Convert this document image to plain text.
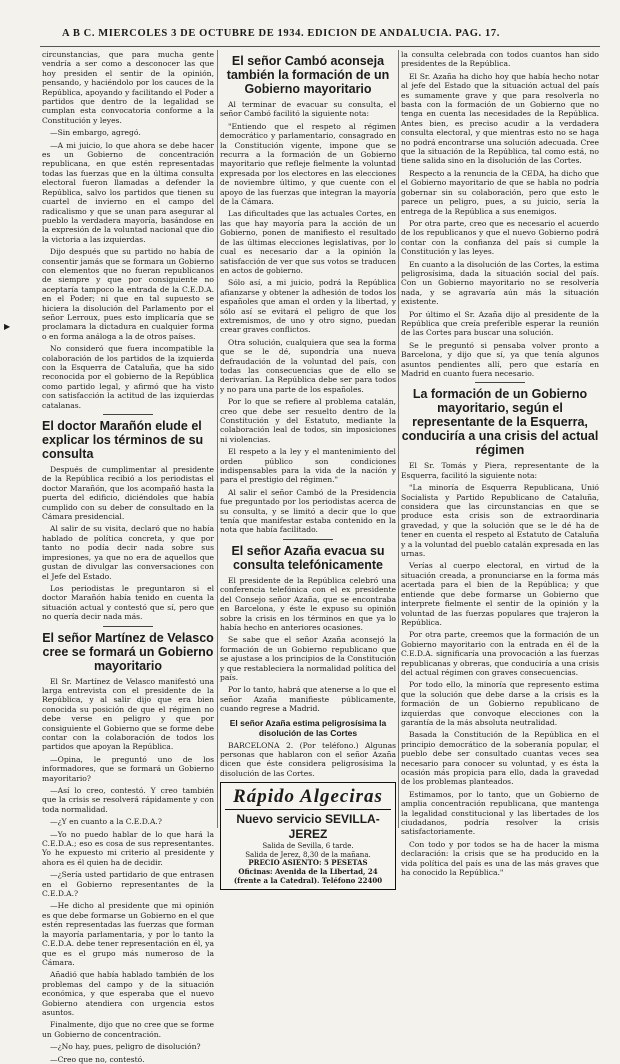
A B C. MIERCOLES 3 DE OCTUBRE DE 1934. EDICION DE ANDALUCIA. PAG. 17.
▶

circunstancias, que para mucha gente vendría a ser como a desconocer las que hoy presiden el sentir de la opinión, pensando, y haciéndolo por los cauces de la República, apoyando y facilitando el Poder a partidos que dentro de la legalidad se cumplan esta convocatoria conforme a la Constitución y leyes.

—Sin embargo, agregó.

—A mi juicio, lo que ahora se debe hacer es un Gobierno de concentración republicana, en que estén representadas todas las fuerzas que en la última consulta electoral fueron llamadas a defender la República, salvo los partidos que tienen su cuartel de invierno en el campo del radicalismo y que se unan para asegurar al pueblo la verdadera mayoría, basándose en la expresión de la voluntad nacional que dio la victoria a las izquierdas.

Dijo después que su partido no había de consentir jamás que se formara un Gobierno con elementos que no fueran republicanos de siempre y que por consiguiente no aceptaría tampoco la entrada de la C.E.D.A. en el Poder; ni que en tal supuesto se hiciera la disolución del Parlamento por el señor Lerroux, pues esto implicaría que se proclamara la dictadura en cualquier forma o en forma análoga a la de otros países.

No consideró que fuera incompatible la colaboración de los partidos de la izquierda con la Esquerra de Cataluña, que ha sido reconocida por el gobierno de la República como partido legal, y afirmó que ha visto con satisfacción la actitud de las izquierdas catalanas.

El doctor Marañón elude el explicar los términos de su consulta

Después de cumplimentar al presidente de la República recibió a los periodistas el doctor Marañón, que los acompañó hasta la puerta del edificio, diciéndoles que había cumplido con su deber de consultado en la Cámara presidencial.

Al salir de su visita, declaró que no había hablado de política concreta, y que por tanto no podía decir nada sobre sus impresiones, ya que no era de aquellos que gustan de divulgar las conversaciones con el Jefe del Estado.

Los periodistas le preguntaron si el doctor Marañón había tenido en cuenta la situación actual y contestó que sí, pero que no quería decir nada más.

El señor Martínez de Velasco cree se formará un Gobierno mayoritario

El Sr. Martínez de Velasco manifestó una larga entrevista con el presidente de la República, y al salir dijo que era bien conocida su posición de que el régimen no debe verse en peligro y que por consiguiente el Gobierno que se forme debe contar con la colaboración de todos los partidos que apoyan la República.

—Opina, le preguntó uno de los informadores, que se formará un Gobierno mayoritario?

—Así lo creo, contestó. Y creo también que la crisis se resolverá rápidamente y con toda normalidad.

—¿Y en cuanto a la C.E.D.A.?

—Yo no puedo hablar de lo que hará la C.E.D.A.; eso es cosa de sus representantes. Yo he expuesto mi criterio al presidente y ahora es él quien ha de decidir.

—¿Sería usted partidario de que entrasen en el Gobierno representantes de la C.E.D.A.?

—He dicho al presidente que mi opinión es que debe formarse un Gobierno en el que estén representadas las fuerzas que forman la mayoría parlamentaria, y por lo tanto la C.E.D.A. debe tener representación en él, ya que es el grupo más numeroso de la Cámara.

Añadió que había hablado también de los problemas del campo y de la situación económica, y que esperaba que el nuevo Gobierno atendiera con urgencia estos asuntos.

Finalmente, dijo que no cree que se forme un Gobierno de concentración.

—¿No hay, pues, peligro de disolución?

—Creo que no, contestó.

El señor Cambó aconseja también la formación de un Gobierno mayoritario

Al terminar de evacuar su consulta, el señor Cambó facilitó la siguiente nota:

"Entiendo que el respeto al régimen democrático y parlamentario, consagrado en la Constitución vigente, impone que se recurra a la formación de un Gobierno mayoritario que refleje fielmente la voluntad expresada por los electores en las elecciones de noviembre último, y que cuente con el apoyo de las fuerzas que integran la mayoría de la Cámara.

Las dificultades que las actuales Cortes, en las que hay mayoría para la acción de un Gobierno, ponen de manifiesto el resultado de las últimas elecciones legislativas, por lo cual es necesario dar a la opinión la satisfacción de ver que sus votos se traducen en actos de gobierno.

Sólo así, a mi juicio, podrá la República afianzarse y obtener la adhesión de todos los españoles que aman el orden y la libertad, y sólo así se evitará el peligro de que los extremismos, de uno y otro signo, puedan crear graves conflictos.

Otra solución, cualquiera que sea la forma que se le dé, supondría una nueva defraudación de la voluntad del país, con todas las consecuencias que de ello se derivarían. La República debe ser para todos y no para una parte de los españoles.

Por lo que se refiere al problema catalán, creo que debe ser resuelto dentro de la Constitución y del Estatuto, mediante la colaboración leal de todos, sin imposiciones ni violencias.

El respeto a la ley y el mantenimiento del orden público son condiciones indispensables para la vida de la nación y para el prestigio del régimen."

Al salir el señor Cambó de la Presidencia fue preguntado por los periodistas acerca de su consulta, y se limitó a decir que lo que tenía que manifestar estaba contenido en la nota que había facilitado.

El señor Azaña evacua su consulta telefónicamente

El presidente de la República celebró una conferencia telefónica con el ex presidente del Consejo señor Azaña, que se encontraba en Barcelona, y éste le expuso su opinión sobre la crisis en los términos en que ya lo había hecho en anteriores ocasiones.

Se sabe que el señor Azaña aconsejó la formación de un Gobierno republicano que se ajustase a los principios de la Constitución y que restableciera la normalidad política del país.

Por lo tanto, habrá que atenerse a lo que el señor Azaña manifieste públicamente, cuando regrese a Madrid.

El señor Azaña estima peligrosísima la disolución de las Cortes

BARCELONA 2. (Por teléfono.) Algunas personas que hablaron con el señor Azaña dicen que éste considera peligrosísima la disolución de las Cortes.

Rápido Algeciras
Nuevo servicio SEVILLA-JEREZ
Salida de Sevilla, 6 tarde.
Salida de Jerez, 8,30 de la mañana.
PRECIO ASIENTO: 5 PESETAS
Oficinas: Avenida de la Libertad, 24
(frente a la Catedral). Teléfono 22400

la consulta celebrada con todos cuantos han sido presidentes de la República.

El Sr. Azaña ha dicho hoy que había hecho notar al jefe del Estado que la situación actual del país es sumamente grave y que para resolverla no basta con la formación de un Gobierno que no tenga en cuenta las necesidades de la República. Antes bien, es preciso acudir a la verdadera consulta electoral, y que mientras esto no se haga no podrá encontrarse una solución adecuada. Cree que la situación de la República, tal como está, no tiene salida sino en la disolución de las Cortes.

Respecto a la renuncia de la CEDA, ha dicho que el Gobierno mayoritario de que se habla no podría gobernar sin su colaboración, pero que esto le parece un peligro, pues, a su juicio, sería la entrega de la República a sus enemigos.

Por otra parte, creo que es necesario el acuerdo de los republicanos y que el nuevo Gobierno podrá contar con la confianza del país si cumple la Constitución y las leyes.

En cuanto a la disolución de las Cortes, la estima peligrosísima, dada la situación social del país. Con un Gobierno mayoritario no se resolvería nada, y se agravaría aún más la situación existente.

Por último el Sr. Azaña dijo al presidente de la República que creía preferible esperar la reunión de las Cortes para buscar una solución.

Se le preguntó si pensaba volver pronto a Barcelona, y dijo que sí, ya que tenía algunos asuntos pendientes allí, pero que estaría en Madrid en cuanto fuera necesario.

La formación de un Gobierno mayoritario, según el representante de la Esquerra, conduciría a una crisis del actual régimen

El Sr. Tomás y Piera, representante de la Esquerra, facilitó la siguiente nota:

"La minoría de Esquerra Republicana, Unió Socialista y Partido Republicano de Cataluña, considera que las circunstancias en que se produce esta crisis son de extraordinaria gravedad, y que la solución que se le dé ha de tener en cuenta el respeto al Estatuto de Cataluña y a la voluntad del pueblo catalán expresada en las urnas.

Verías al cuerpo electoral, en virtud de la situación creada, a pronunciarse en la forma más acertada para el bien de la República; y que entiende que debe formarse un Gobierno que interprete fielmente el sentir de la opinión y la voluntad de las fuerzas populares que trajeron la República.

Por otra parte, creemos que la formación de un Gobierno mayoritario con la entrada en él de la C.E.D.A. significaría una provocación a las fuerzas republicanas y obreras, que conduciría a una crisis del actual régimen con graves consecuencias.

Por todo ello, la minoría que represento estima que la solución que debe darse a la crisis es la formación de un Gobierno republicano de izquierdas que convoque elecciones con la garantía de la más absoluta neutralidad.

Basada la Constitución de la República en el principio democrático de la soberanía popular, el pueblo debe ser consultado cuantas veces sea necesario para conocer su voluntad, y es ésta la ocasión más propicia para ello, dada la gravedad de los problemas planteados.

Estimamos, por lo tanto, que un Gobierno de amplia concentración republicana, que mantenga la legalidad constitucional y las libertades de los ciudadanos, podría resolver la crisis satisfactoriamente.

Con todo y por todos se ha de hacer la misma declaración: la crisis que se ha producido en la vida política del país es una de las más graves que ha conocido la República."
